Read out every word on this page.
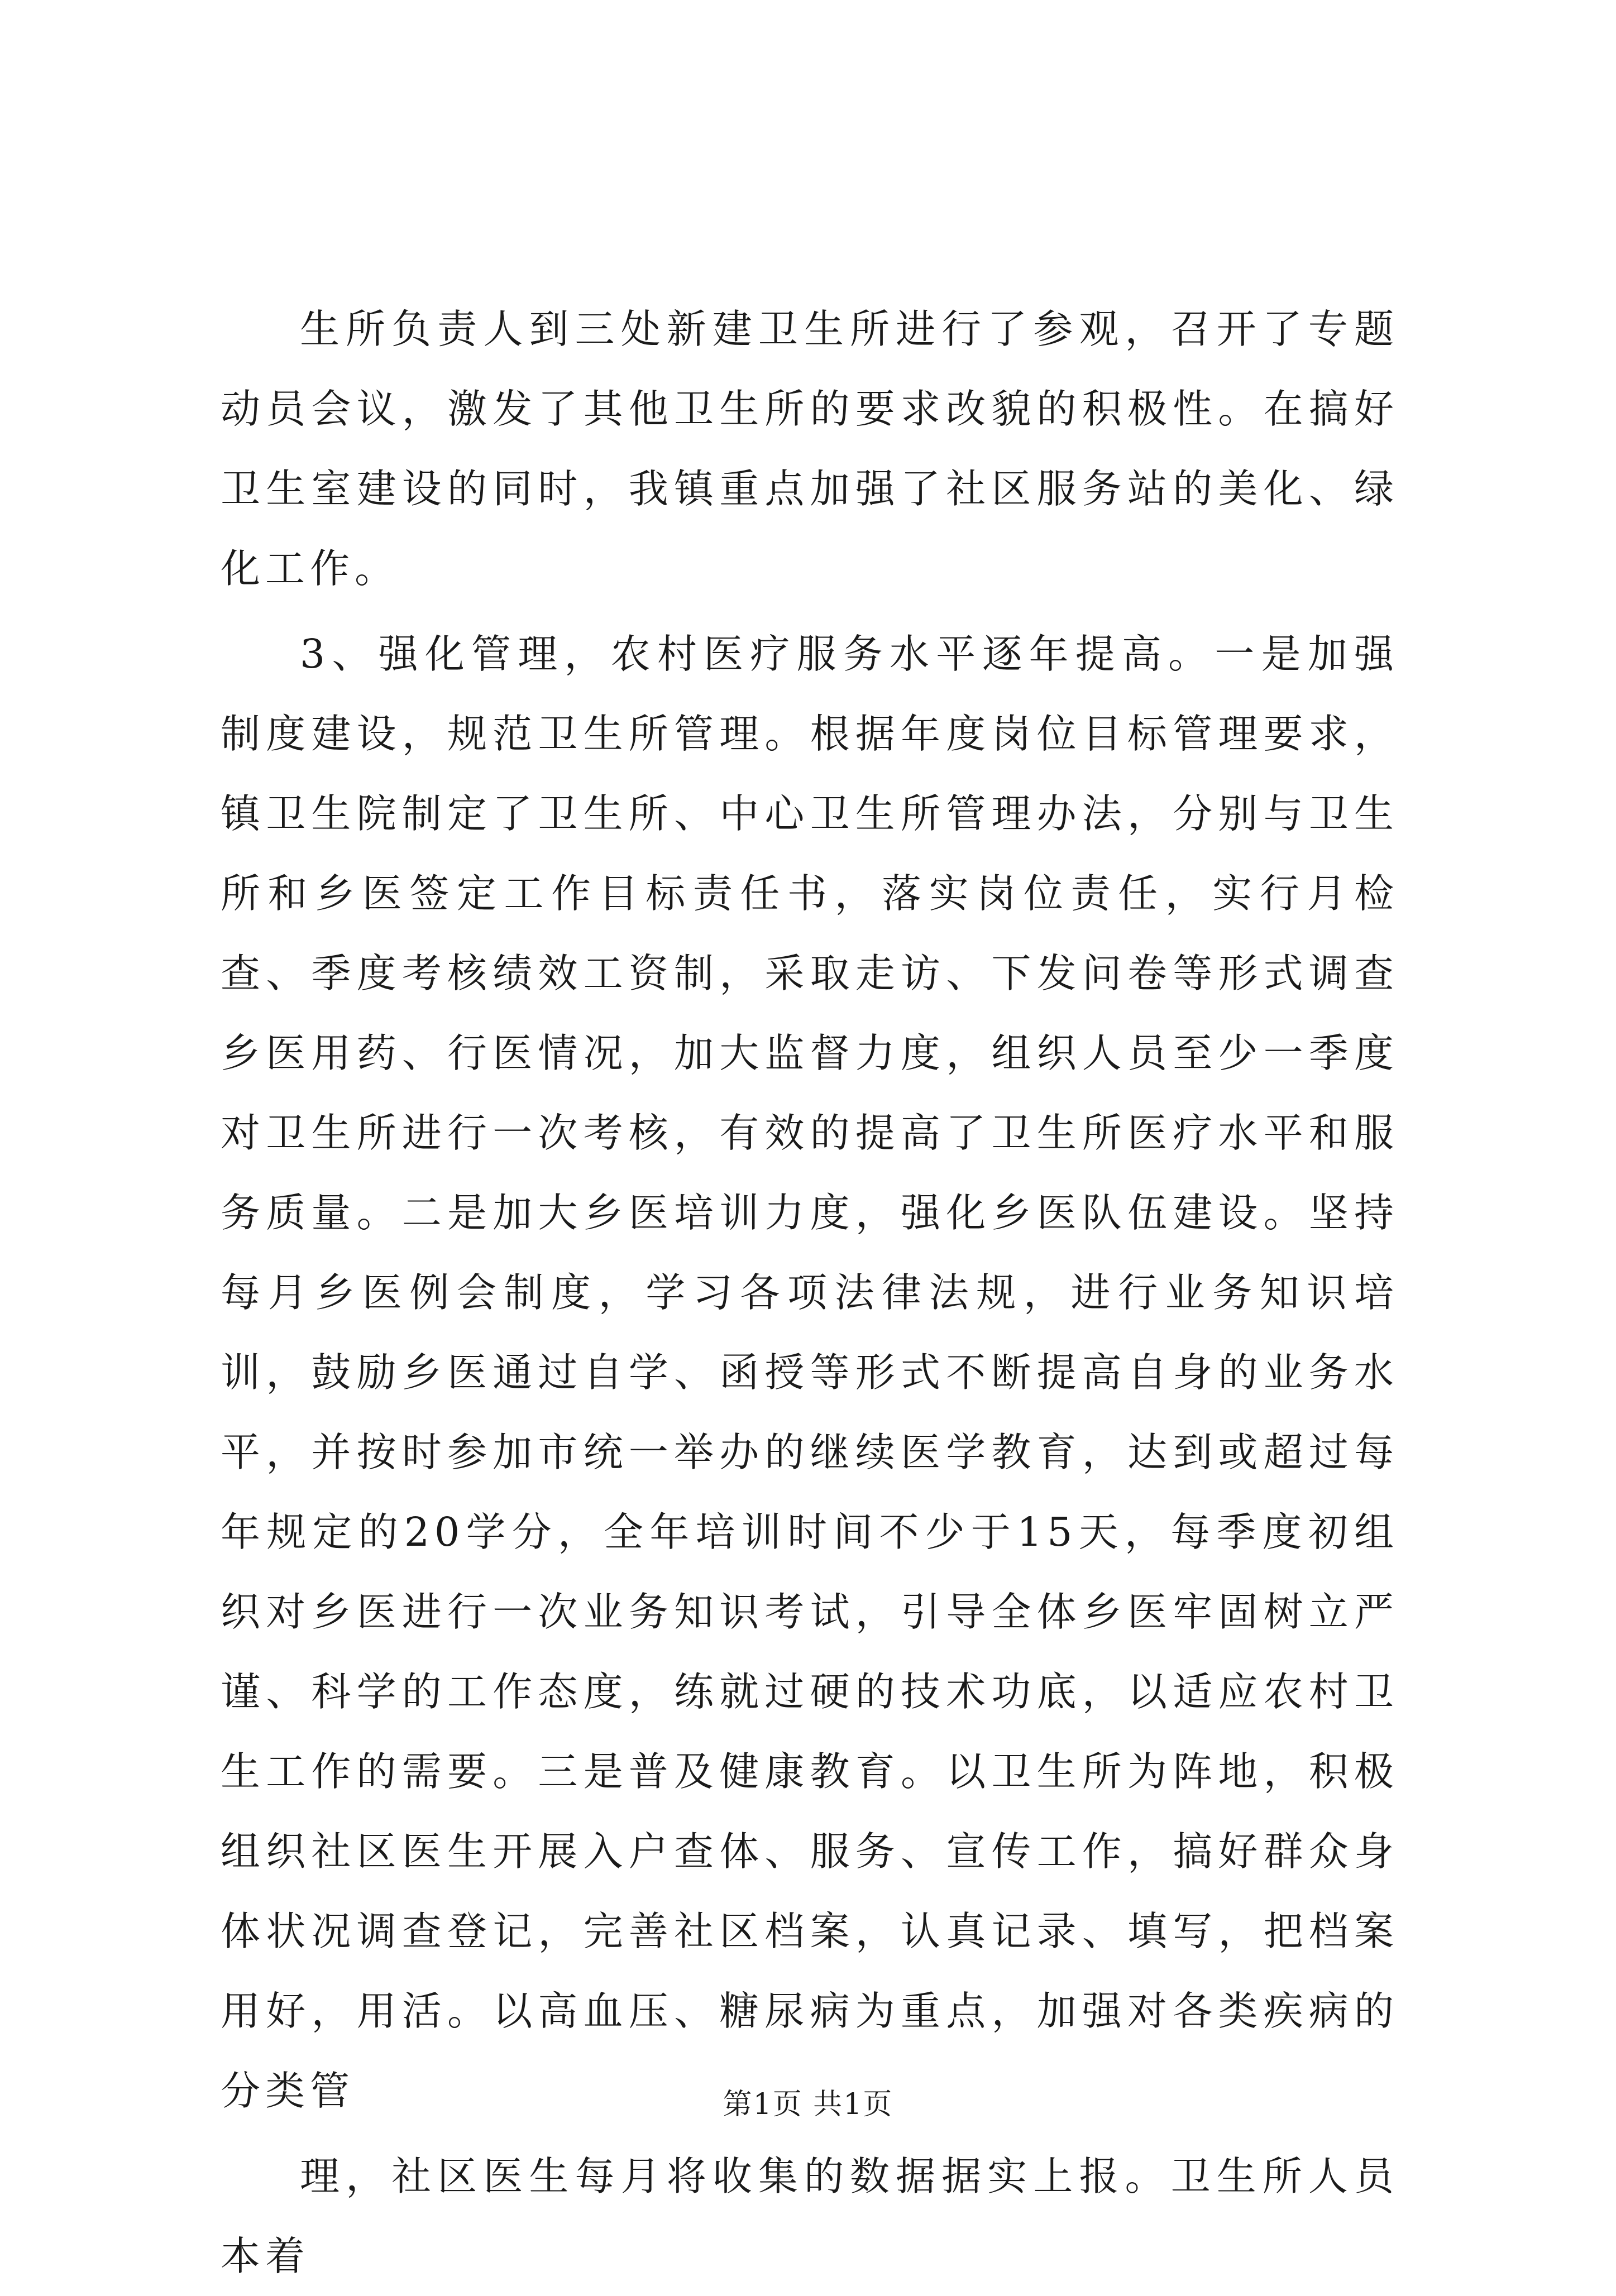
生所负责人到三处新建卫生所进行了参观，召开了专题动员会议，激发了其他卫生所的要求改貌的积极性。在搞好卫生室建设的同时，我镇重点加强了社区服务站的美化、绿化工作。

3、强化管理，农村医疗服务水平逐年提高。一是加强制度建设，规范卫生所管理。根据年度岗位目标管理要求，镇卫生院制定了卫生所、中心卫生所管理办法，分别与卫生所和乡医签定工作目标责任书，落实岗位责任，实行月检查、季度考核绩效工资制，采取走访、下发问卷等形式调查乡医用药、行医情况，加大监督力度，组织人员至少一季度对卫生所进行一次考核，有效的提高了卫生所医疗水平和服务质量。二是加大乡医培训力度，强化乡医队伍建设。坚持每月乡医例会制度，学习各项法律法规，进行业务知识培训，鼓励乡医通过自学、函授等形式不断提高自身的业务水平，并按时参加市统一举办的继续医学教育，达到或超过每年规定的20学分，全年培训时间不少于15天，每季度初组织对乡医进行一次业务知识考试，引导全体乡医牢固树立严谨、科学的工作态度，练就过硬的技术功底，以适应农村卫生工作的需要。三是普及健康教育。以卫生所为阵地，积极组织社区医生开展入户查体、服务、宣传工作，搞好群众身体状况调查登记，完善社区档案，认真记录、填写，把档案用好，用活。以高血压、糖尿病为重点，加强对各类疾病的分类管

理，社区医生每月将收集的数据据实上报。卫生所人员本着

第1页 共1页
